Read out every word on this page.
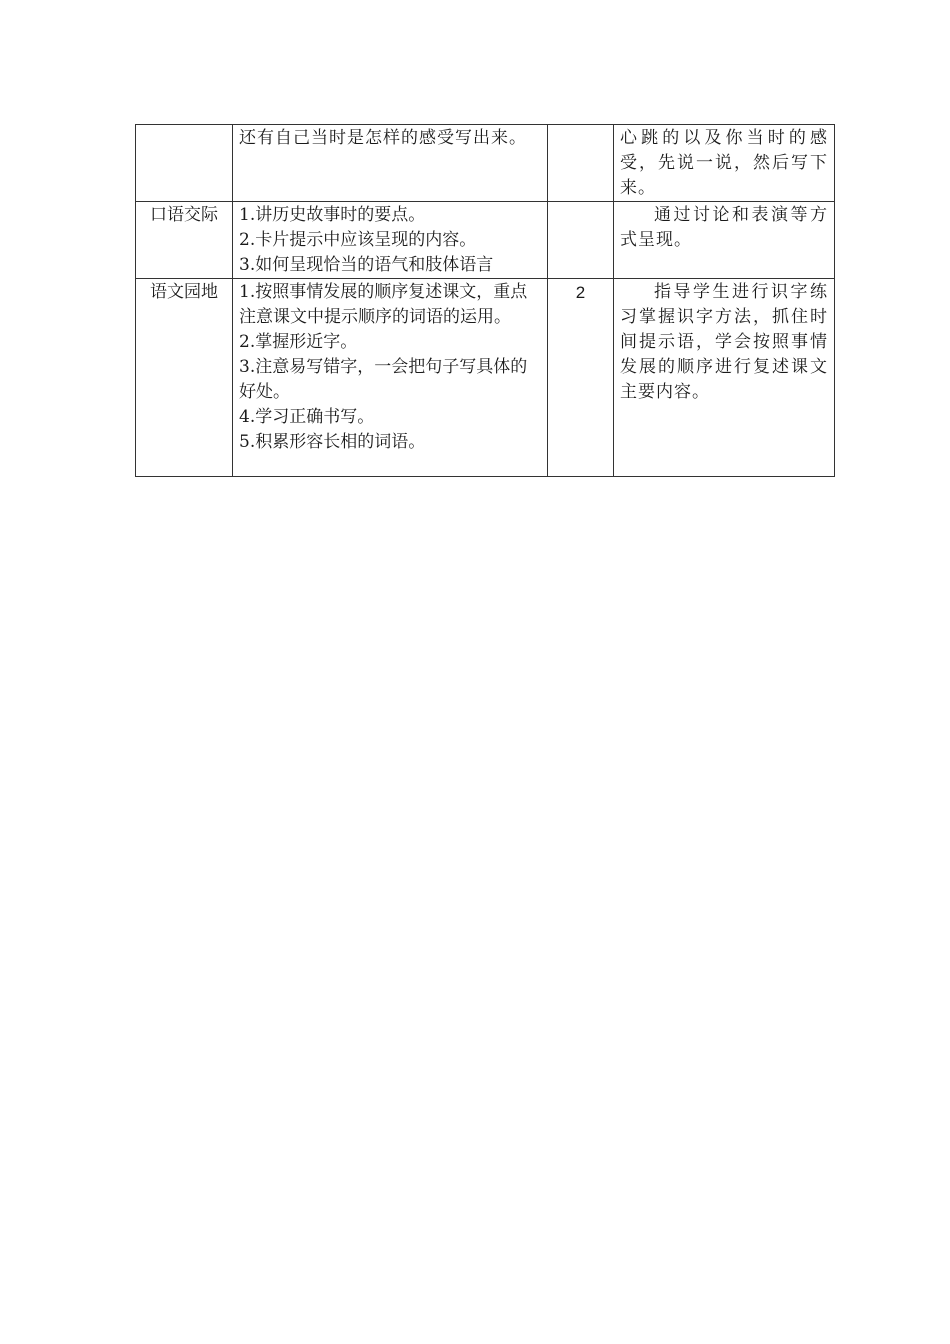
	还有自己当时是怎样的感受写出来。		心跳的以及你当时的感受，先说一说，然后写下来。
口语交际	1.讲历史故事时的要点。
2.卡片提示中应该呈现的内容。
3.如何呈现恰当的语气和肢体语言		通过讨论和表演等方式呈现。
语文园地	1.按照事情发展的顺序复述课文，重点注意课文中提示顺序的词语的运用。
2.掌握形近字。
3.注意易写错字，一会把句子写具体的好处。
4.学习正确书写。
5.积累形容长相的词语。	2	指导学生进行识字练习掌握识字方法，抓住时间提示语，学会按照事情发展的顺序进行复述课文主要内容。
